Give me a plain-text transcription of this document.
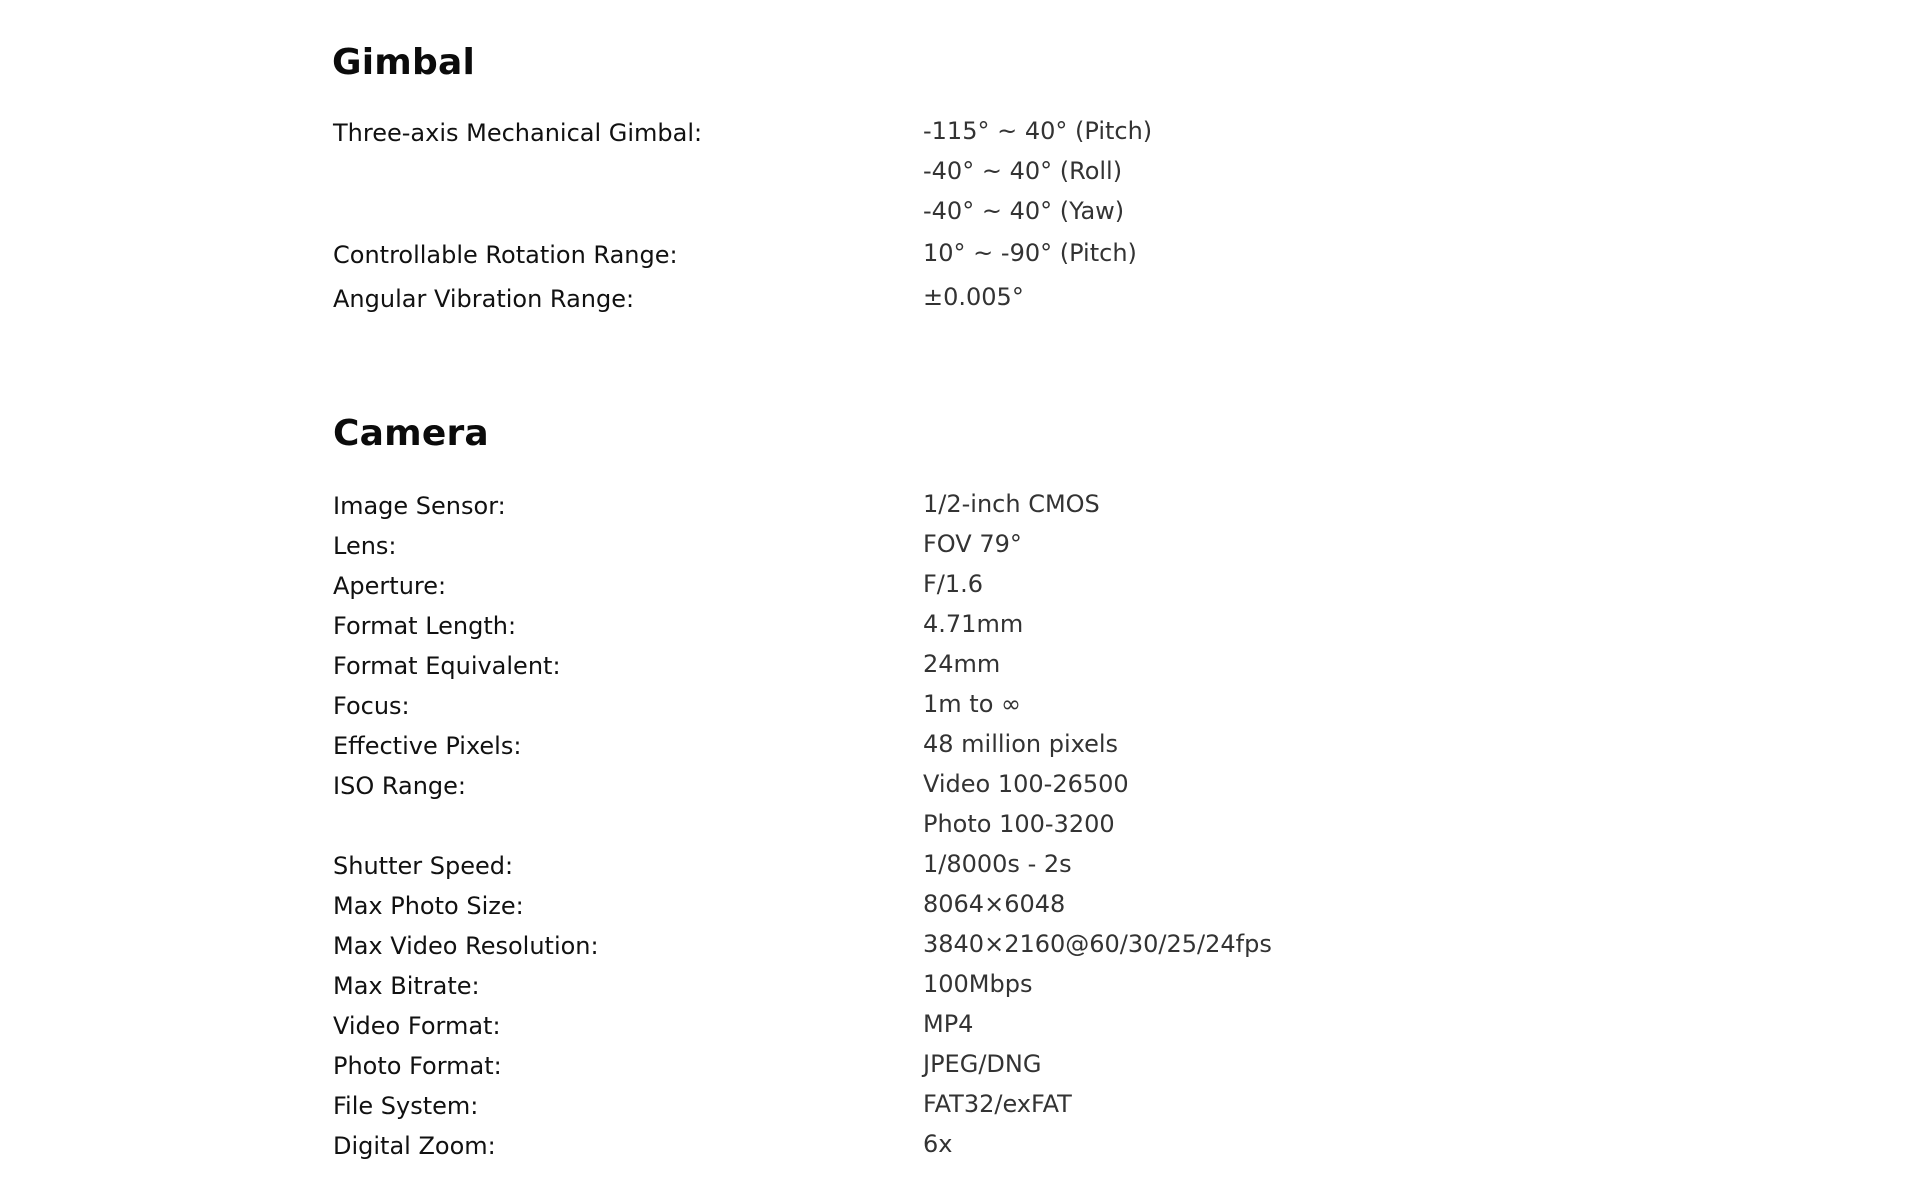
Gimbal
Three-axis Mechanical Gimbal:	-115° ~ 40° (Pitch)
-40° ~ 40° (Roll)
-40° ~ 40° (Yaw)
Controllable Rotation Range:	10° ~ -90° (Pitch)
Angular Vibration Range:	±0.005°
Camera
Image Sensor:	1/2-inch CMOS
Lens:	FOV 79°
Aperture:	F/1.6
Format Length:	4.71mm
Format Equivalent:	24mm
Focus:	1m to ∞
Effective Pixels:	48 million pixels
ISO Range:	Video 100-26500
Photo 100-3200
Shutter Speed:	1/8000s - 2s
Max Photo Size:	8064×6048
Max Video Resolution:	3840×2160@60/30/25/24fps
Max Bitrate:	100Mbps
Video Format:	MP4
Photo Format:	JPEG/DNG
File System:	FAT32/exFAT
Digital Zoom:	6x
